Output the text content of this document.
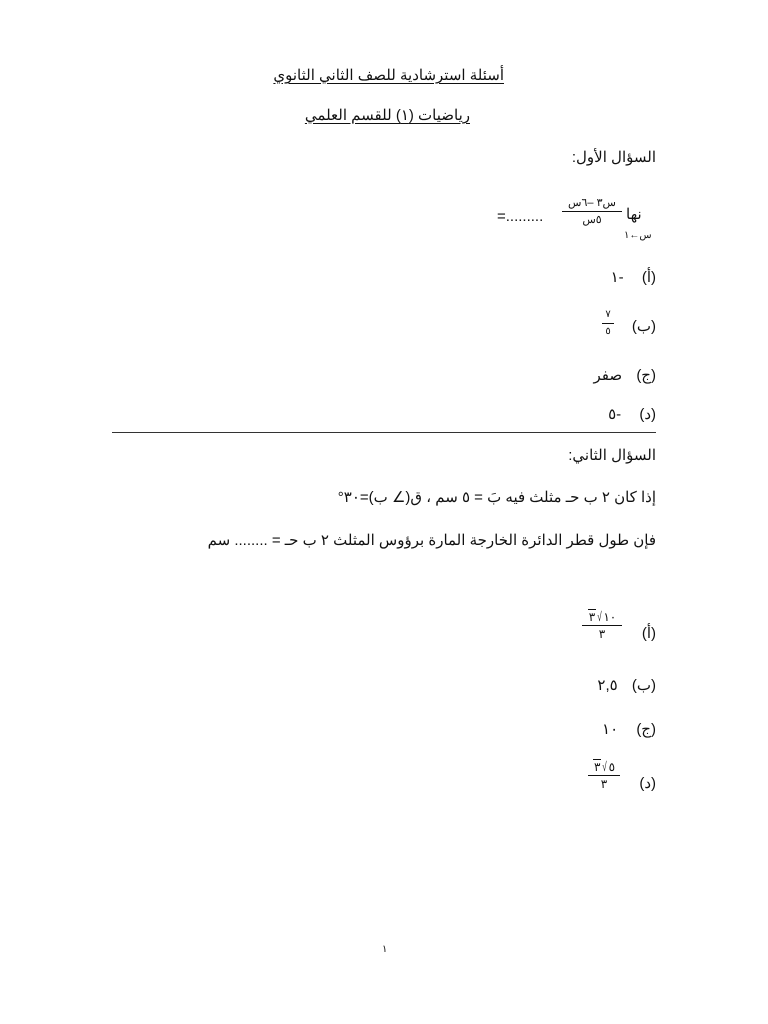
أسئلة استرشادية للصف الثاني الثانوي
رياضيات (١) للقسم العلمي
السؤال الأول:
نها
س←١
س٣ –٦س
٥س
=.........
(أ) -١
(ب)
٧
٥
(ج) صفر
(د) -٥
السؤال الثاني:
إذا كان ٢ ب حـ مثلث فيه بَ = ٥ سم ، ق(∠ ب)=٣٠°
فإن طول قطر الدائرة الخارجة المارة برؤوس المثلث ٢ ب حـ = ........ سم
(أ)
١٠√٣
٣
(ب) ٢,٥
(ج) ١٠
(د)
٥√٣
٣
١
